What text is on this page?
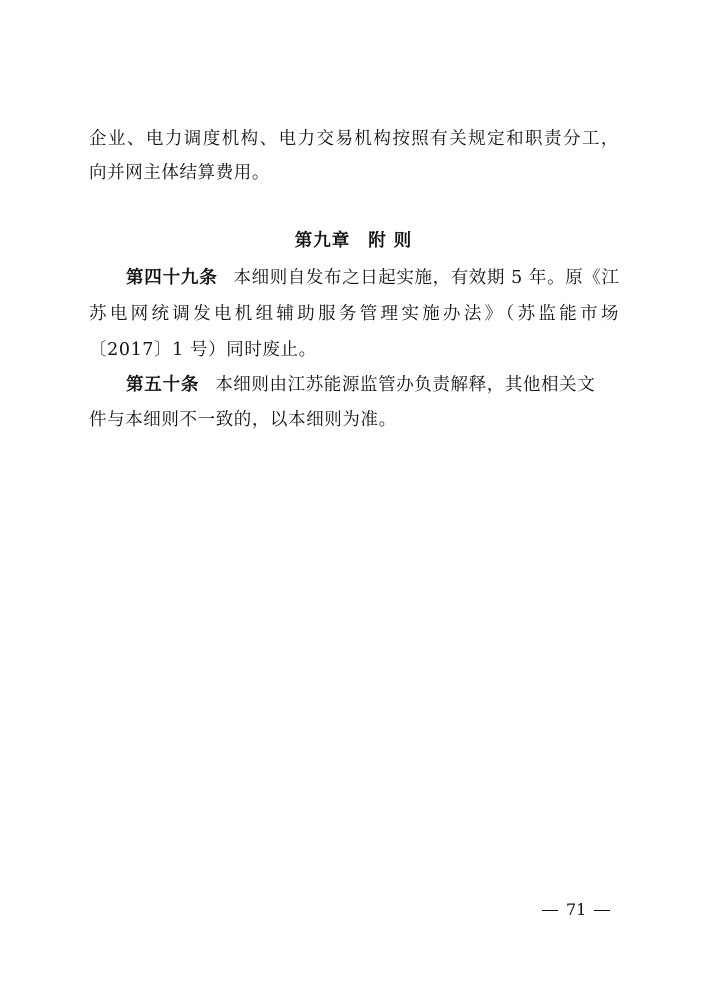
企业、电力调度机构、电力交易机构按照有关规定和职责分工，
向并网主体结算费用。
第九章 附 则
第四十九条 本细则自发布之日起实施，有效期 5 年。原《江
苏电网统调发电机组辅助服务管理实施办法》（苏监能市场
〔2017〕1 号）同时废止。
第五十条 本细则由江苏能源监管办负责解释，其他相关文
件与本细则不一致的，以本细则为准。
71
